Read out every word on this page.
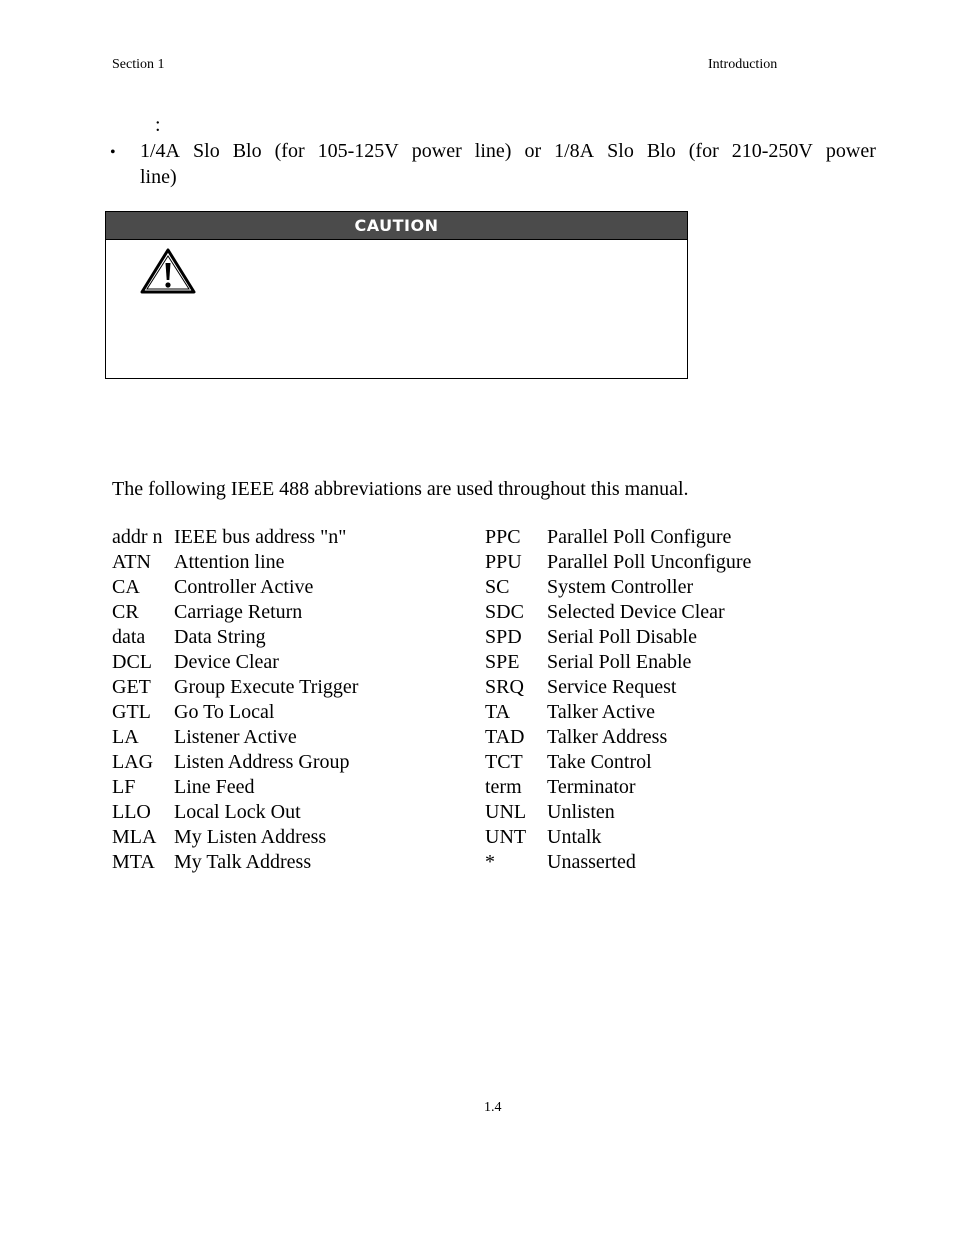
Section 1	Introduction
:
• 1/4A Slo Blo (for 105-125V power line) or 1/8A Slo Blo (for 210-250V power
line)
CAUTION
The following IEEE 488 abbreviations are used throughout this manual.
addr n IEEE bus address "n"
ATN	Attention line
CA	Controller Active
CR	Carriage Return
data	Data String
DCL	Device Clear
GET	Group Execute Trigger
GTL	Go To Local
LA	Listener Active
LAG	Listen Address Group
LF	Line Feed
LLO	Local Lock Out
MLA My Listen Address
MTA My Talk Address
PPC	Parallel Poll Configure
PPU	Parallel Poll Unconfigure
SC	System Controller
SDC	Selected Device Clear
SPD	Serial Poll Disable
SPE	Serial Poll Enable
SRQ	Service Request
TA	Talker Active
TAD	Talker Address
TCT	Take Control
term	Terminator
UNL	Unlisten
UNT	Untalk
*	Unasserted
1.4
